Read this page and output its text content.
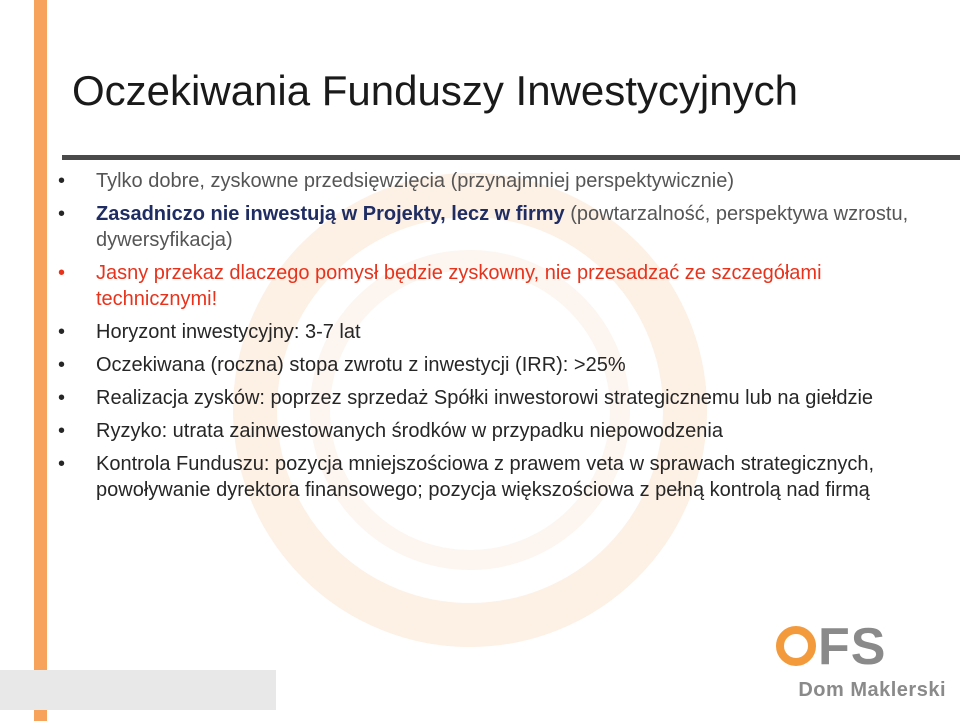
Oczekiwania Funduszy Inwestycyjnych
• Tylko dobre, zyskowne przedsięwzięcia (przynajmniej perspektywicznie)
• Zasadniczo nie inwestują w Projekty, lecz w firmy (powtarzalność, perspektywa wzrostu, dywersyfikacja)
• Jasny przekaz dlaczego pomysł będzie zyskowny, nie przesadzać ze szczegółami technicznymi!
• Horyzont inwestycyjny: 3-7 lat
• Oczekiwana (roczna) stopa zwrotu z inwestycji (IRR): >25%
• Realizacja zysków: poprzez sprzedaż Spółki inwestorowi strategicznemu lub na giełdzie
• Ryzyko: utrata zainwestowanych środków w przypadku niepowodzenia
• Kontrola Funduszu: pozycja mniejszościowa z prawem veta w sprawach strategicznych, powoływanie dyrektora finansowego; pozycja większościowa z pełną kontrolą nad firmą
FS
Dom Maklerski
